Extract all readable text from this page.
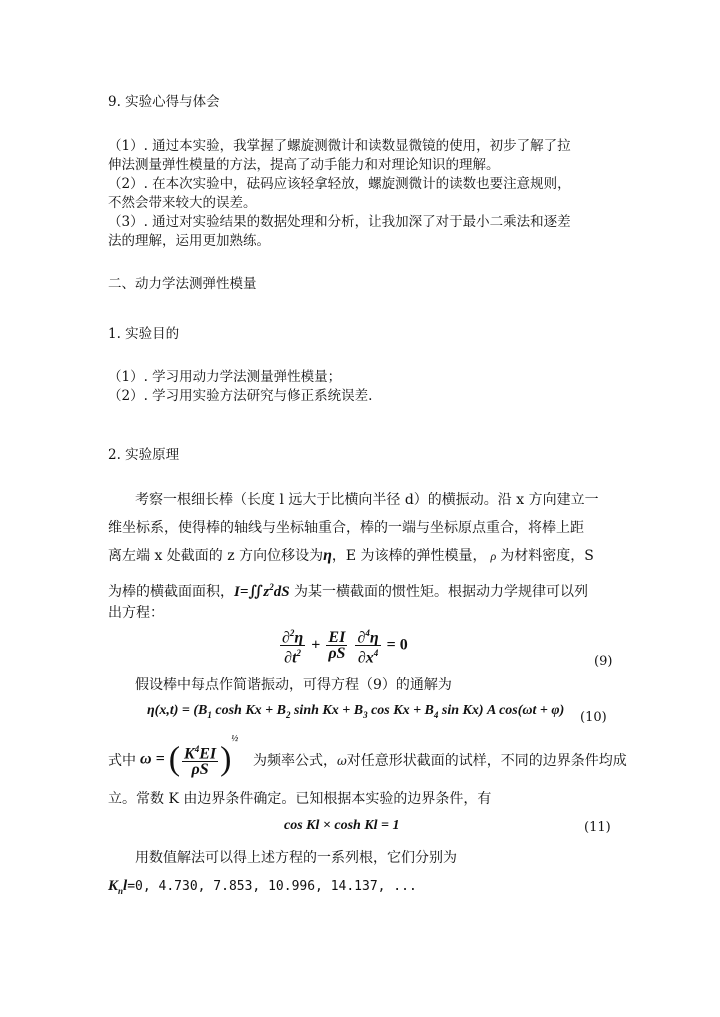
9. 实验心得与体会
（1）. 通过本实验，我掌握了螺旋测微计和读数显微镜的使用，初步了解了拉
伸法测量弹性模量的方法，提高了动手能力和对理论知识的理解。
（2）. 在本次实验中，砝码应该轻拿轻放，螺旋测微计的读数也要注意规则，
不然会带来较大的误差。
（3）. 通过对实验结果的数据处理和分析，让我加深了对于最小二乘法和逐差
法的理解，运用更加熟练。
二、动力学法测弹性模量
1. 实验目的
（1）. 学习用动力学法测量弹性模量；
（2）. 学习用实验方法研究与修正系统误差.
2. 实验原理
考察一根细长棒（长度 l 远大于比横向半径 d）的横振动。沿 x 方向建立一
维坐标系，使得棒的轴线与坐标轴重合，棒的一端与坐标原点重合，将棒上距
离左端 x 处截面的 z 方向位移设为η，E 为该棒的弹性模量， ρ 为材料密度，S
为棒的横截面面积，$I=∬z^2dS$ 为某一横截面的惯性矩。根据动力学规律可以列
出方程：
$\frac{\partial^2\eta}{\partial t^2} + \frac{EI}{\rho S}$
$\frac{\partial^4\eta}{\partial x^4} = 0$
(9)
假设棒中每点作简谐振动，可得方程（9）的通解为
$\eta(x,t) = (B_1$ $\cosh Kx + B_2$ $\sinh Kx + B_3$ $\cos Kx + B_4$ sin Kx) A cos(ωt + φ) (10)
式中 ω = ( $\frac{K^4EI}{\rho S} )^{\frac{1}{2}}$
为频率公式，ω对任意形状截面的试样，不同的边界条件均成
立。常数 K 由边界条件确定。已知根据本实验的边界条件，有
cos Kl × cosh Kl = 1	(11)
用数值解法可以得上述方程的一系列根，它们分别为
$K_nl=0$, 4.730, 7.853, 10.996, 14.137, ...
